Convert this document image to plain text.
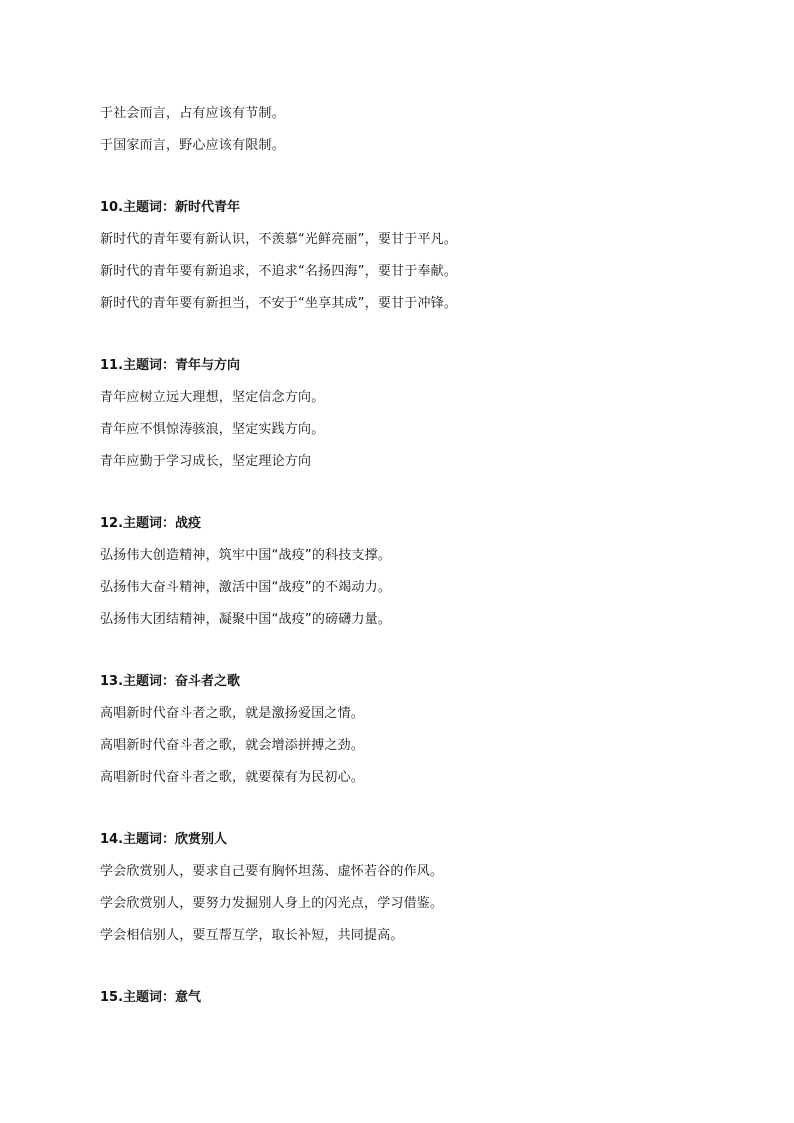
于社会而言，占有应该有节制。
于国家而言，野心应该有限制。
10.主题词：新时代青年
新时代的青年要有新认识，不羡慕“光鲜亮丽”，要甘于平凡。
新时代的青年要有新追求，不追求“名扬四海”，要甘于奉献。
新时代的青年要有新担当，不安于“坐享其成”，要甘于冲锋。
11.主题词：青年与方向
青年应树立远大理想，坚定信念方向。
青年应不惧惊涛骇浪，坚定实践方向。
青年应勤于学习成长，坚定理论方向
12.主题词：战疫
弘扬伟大创造精神，筑牢中国“战疫”的科技支撑。
弘扬伟大奋斗精神，激活中国“战疫”的不竭动力。
弘扬伟大团结精神，凝聚中国“战疫”的磅礴力量。
13.主题词：奋斗者之歌
高唱新时代奋斗者之歌，就是激扬爱国之情。
高唱新时代奋斗者之歌，就会增添拼搏之劲。
高唱新时代奋斗者之歌，就要葆有为民初心。
14.主题词：欣赏别人
学会欣赏别人，要求自己要有胸怀坦荡、虚怀若谷的作风。
学会欣赏别人，要努力发掘别人身上的闪光点，学习借鉴。
学会相信别人，要互帮互学，取长补短，共同提高。
15.主题词：意气
